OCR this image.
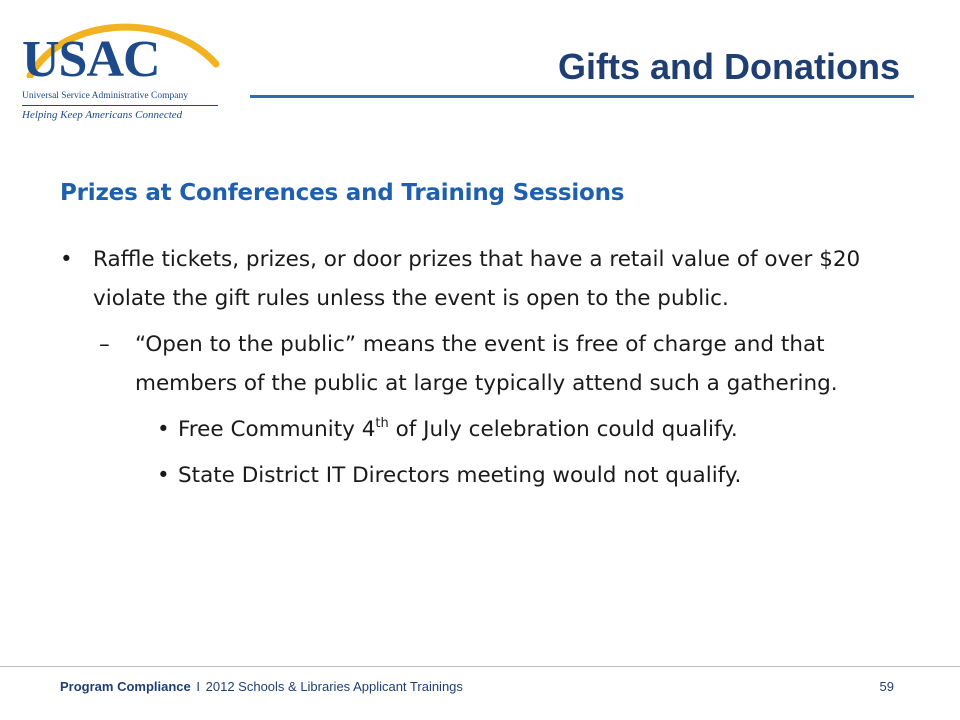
USAC
Universal Service Administrative Company
Helping Keep Americans Connected
Gifts and Donations
Prizes at Conferences and Training Sessions
• Raffle tickets, prizes, or door prizes that have a retail value of over $20 violate the gift rules unless the event is open to the public.
– “Open to the public” means the event is free of charge and that members of the public at large typically attend such a gathering.
• Free Community 4th of July celebration could qualify.
• State District IT Directors meeting would not qualify.
Program Compliance I 2012 Schools & Libraries Applicant Trainings	59
